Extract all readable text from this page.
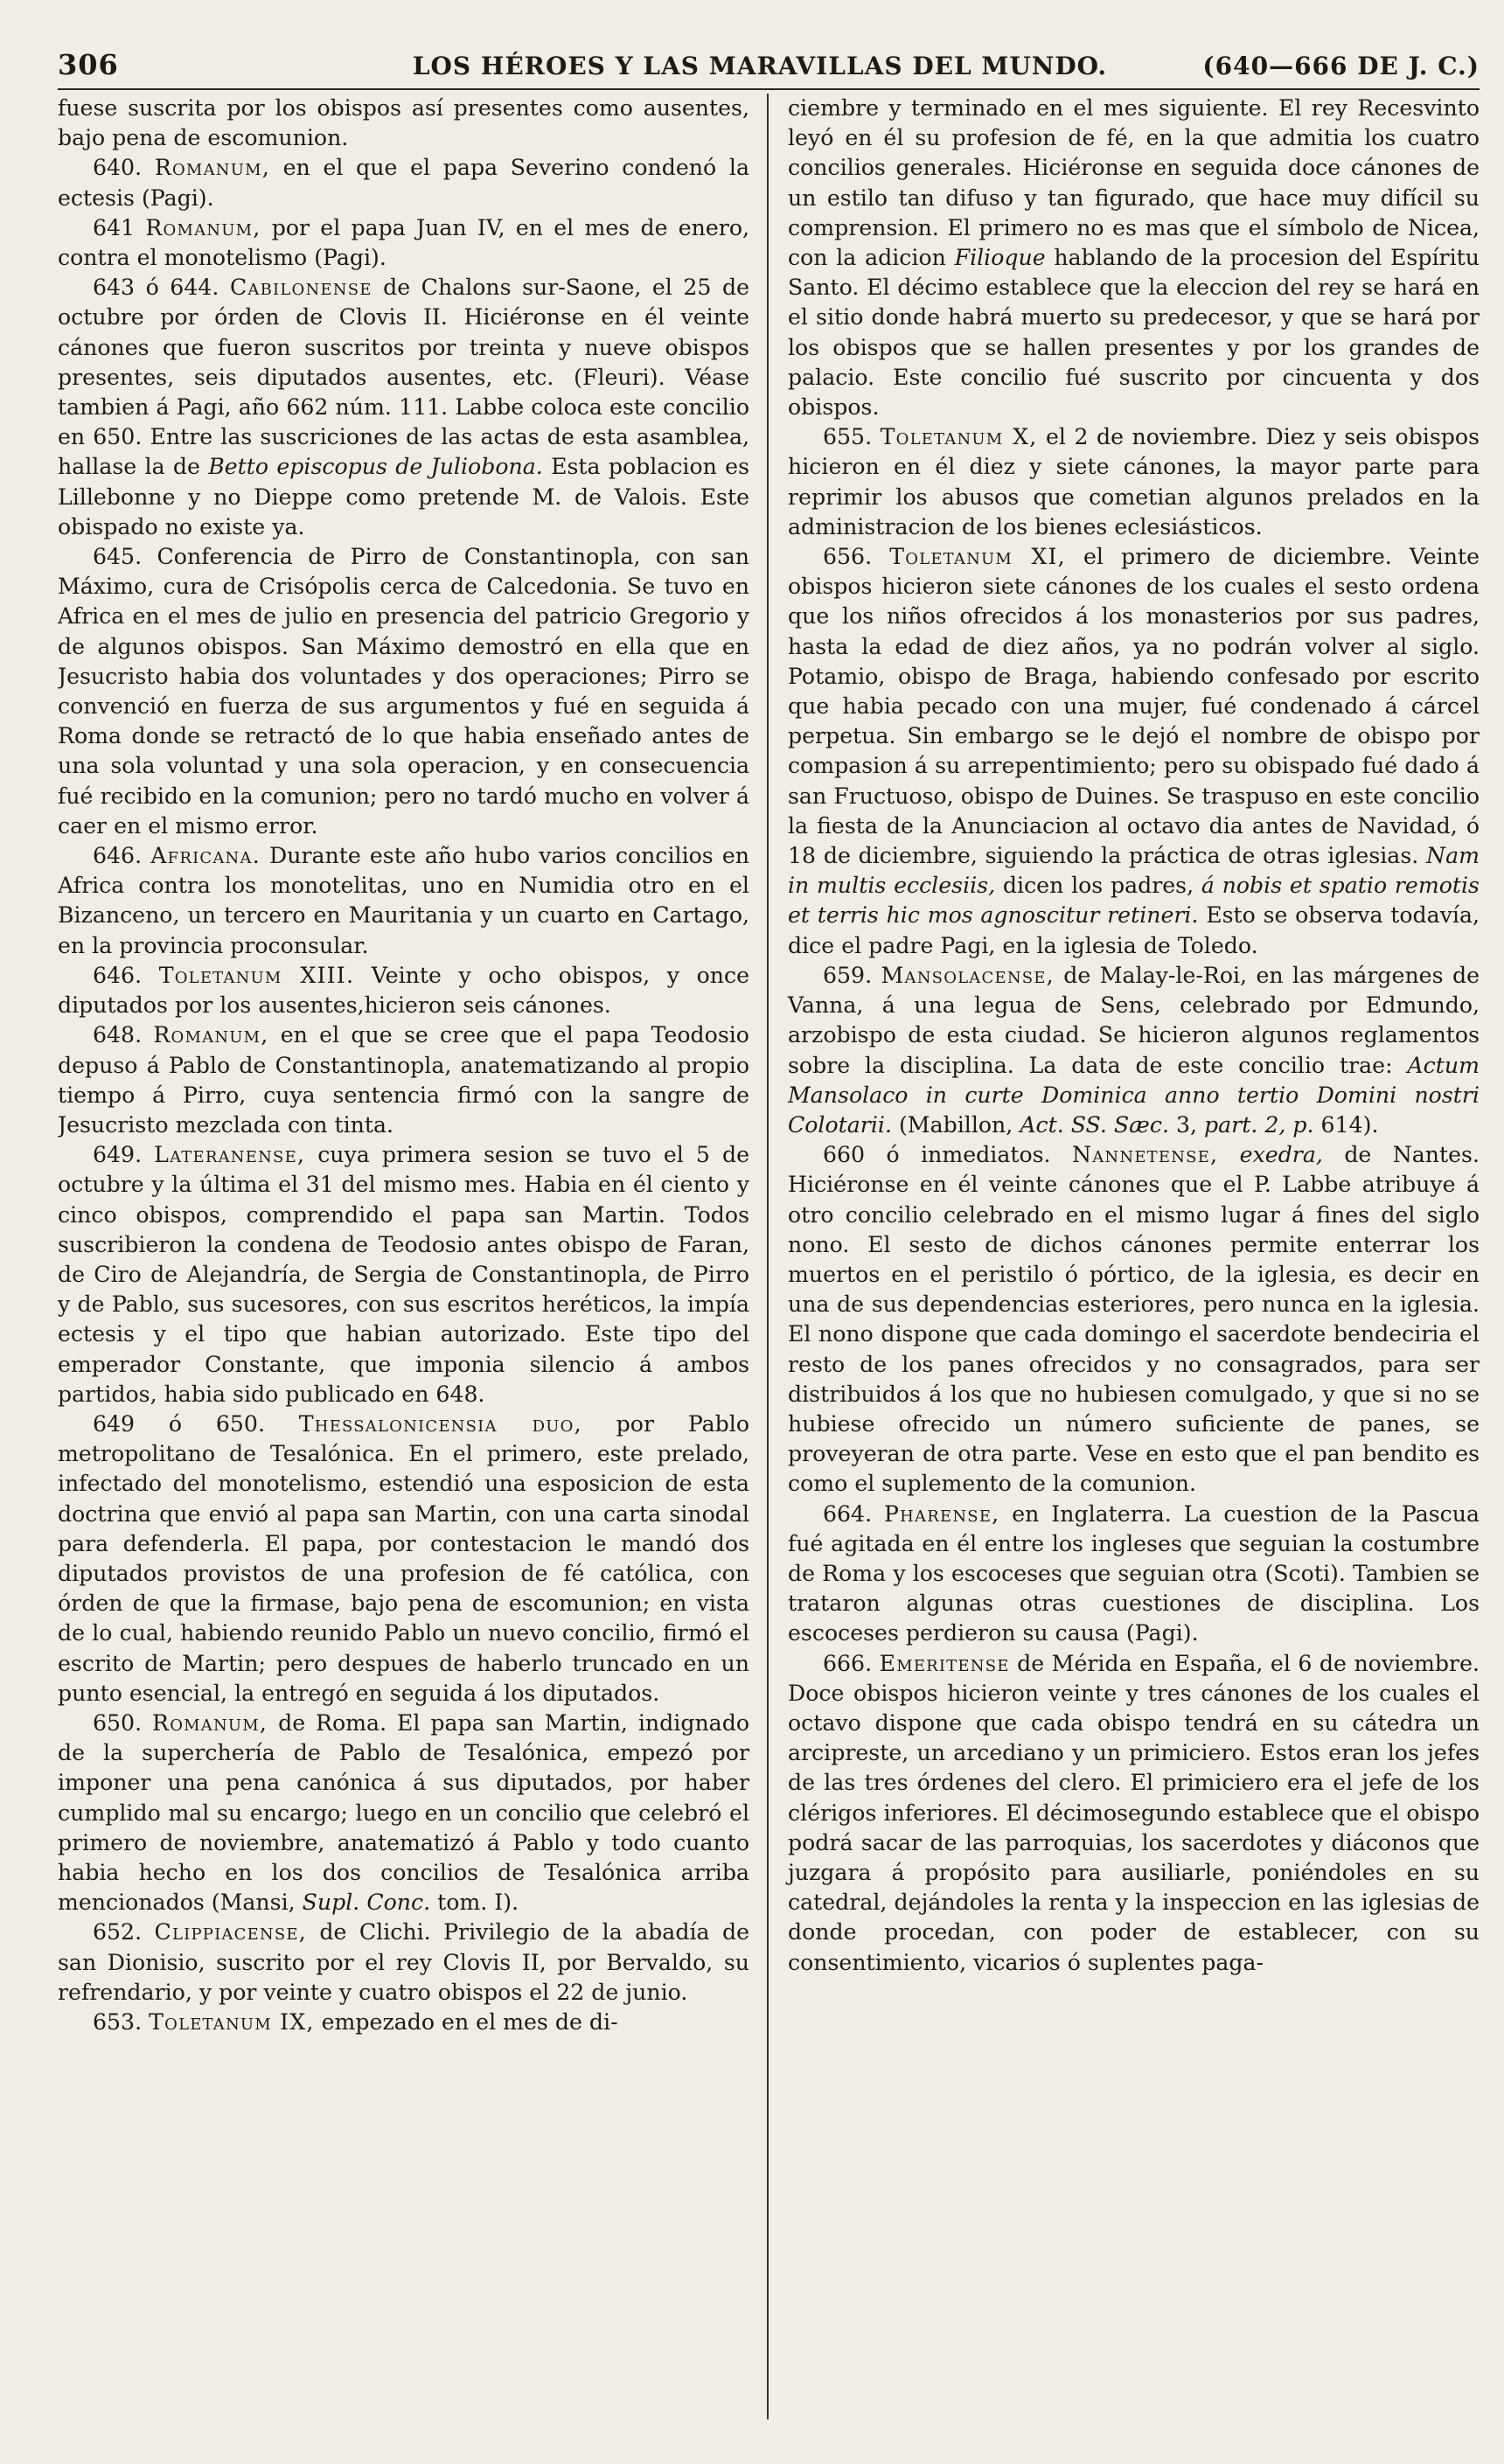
306	LOS HÉROES Y LAS MARAVILLAS DEL MUNDO.	(640—666 DE J. C.)

fuese suscrita por los obispos así presentes como ausentes, bajo pena de escomunion.

640. Romanum, en el que el papa Severino condenó la ectesis (Pagi).

641 Romanum, por el papa Juan IV, en el mes de enero, contra el monotelismo (Pagi).

643 ó 644. Cabilonense de Chalons sur-Saone, el 25 de octubre por órden de Clovis II. Hiciéronse en él veinte cánones que fueron suscritos por treinta y nueve obispos presentes, seis diputados ausentes, etc. (Fleuri). Véase tambien á Pagi, año 662 núm. 111. Labbe coloca este concilio en 650. Entre las suscriciones de las actas de esta asamblea, hallase la de Betto episcopus de Juliobona. Esta poblacion es Lillebonne y no Dieppe como pretende M. de Valois. Este obispado no existe ya.

645. Conferencia de Pirro de Constantinopla, con san Máximo, cura de Crisópolis cerca de Calcedonia. Se tuvo en Africa en el mes de julio en presencia del patricio Gregorio y de algunos obispos. San Máximo demostró en ella que en Jesucristo habia dos voluntades y dos operaciones; Pirro se convenció en fuerza de sus argumentos y fué en seguida á Roma donde se retractó de lo que habia enseñado antes de una sola voluntad y una sola operacion, y en consecuencia fué recibido en la comunion; pero no tardó mucho en volver á caer en el mismo error.

646. Africana. Durante este año hubo varios concilios en Africa contra los monotelitas, uno en Numidia otro en el Bizanceno, un tercero en Mauritania y un cuarto en Cartago, en la provincia proconsular.

646. Toletanum XIII. Veinte y ocho obispos, y once diputados por los ausentes,hicieron seis cánones.

648. Romanum, en el que se cree que el papa Teodosio depuso á Pablo de Constantinopla, anatematizando al propio tiempo á Pirro, cuya sentencia firmó con la sangre de Jesucristo mezclada con tinta.

649. Lateranense, cuya primera sesion se tuvo el 5 de octubre y la última el 31 del mismo mes. Habia en él ciento y cinco obispos, comprendido el papa san Martin. Todos suscribieron la condena de Teodosio antes obispo de Faran, de Ciro de Alejandría, de Sergia de Constantinopla, de Pirro y de Pablo, sus sucesores, con sus escritos heréticos, la impía ectesis y el tipo que habian autorizado. Este tipo del emperador Constante, que imponia silencio á ambos partidos, habia sido publicado en 648.

649 ó 650. Thessalonicensia duo, por Pablo metropolitano de Tesalónica. En el primero, este prelado, infectado del monotelismo, estendió una esposicion de esta doctrina que envió al papa san Martin, con una carta sinodal para defenderla. El papa, por contestacion le mandó dos diputados provistos de una profesion de fé católica, con órden de que la firmase, bajo pena de escomunion; en vista de lo cual, habiendo reunido Pablo un nuevo concilio, firmó el escrito de Martin; pero despues de haberlo truncado en un punto esencial, la entregó en seguida á los diputados.

650. Romanum, de Roma. El papa san Martin, indignado de la superchería de Pablo de Tesalónica, empezó por imponer una pena canónica á sus diputados, por haber cumplido mal su encargo; luego en un concilio que celebró el primero de noviembre, anatematizó á Pablo y todo cuanto habia hecho en los dos concilios de Tesalónica arriba mencionados (Mansi, Supl. Conc. tom. I).

652. Clippiacense, de Clichi. Privilegio de la abadía de san Dionisio, suscrito por el rey Clovis II, por Bervaldo, su refrendario, y por veinte y cuatro obispos el 22 de junio.

653. Toletanum IX, empezado en el mes de di-

ciembre y terminado en el mes siguiente. El rey Recesvinto leyó en él su profesion de fé, en la que admitia los cuatro concilios generales. Hiciéronse en seguida doce cánones de un estilo tan difuso y tan figurado, que hace muy difícil su comprension. El primero no es mas que el símbolo de Nicea, con la adicion Filioque hablando de la procesion del Espíritu Santo. El décimo establece que la eleccion del rey se hará en el sitio donde habrá muerto su predecesor, y que se hará por los obispos que se hallen presentes y por los grandes de palacio. Este concilio fué suscrito por cincuenta y dos obispos.

655. Toletanum X, el 2 de noviembre. Diez y seis obispos hicieron en él diez y siete cánones, la mayor parte para reprimir los abusos que cometian algunos prelados en la administracion de los bienes eclesiásticos.

656. Toletanum XI, el primero de diciembre. Veinte obispos hicieron siete cánones de los cuales el sesto ordena que los niños ofrecidos á los monasterios por sus padres, hasta la edad de diez años, ya no podrán volver al siglo. Potamio, obispo de Braga, habiendo confesado por escrito que habia pecado con una mujer, fué condenado á cárcel perpetua. Sin embargo se le dejó el nombre de obispo por compasion á su arrepentimiento; pero su obispado fué dado á san Fructuoso, obispo de Duines. Se traspuso en este concilio la fiesta de la Anunciacion al octavo dia antes de Navidad, ó 18 de diciembre, siguiendo la práctica de otras iglesias. Nam in multis ecclesiis, dicen los padres, á nobis et spatio remotis et terris hic mos agnoscitur retineri. Esto se observa todavía, dice el padre Pagi, en la iglesia de Toledo.

659. Mansolacense, de Malay-le-Roi, en las márgenes de Vanna, á una legua de Sens, celebrado por Edmundo, arzobispo de esta ciudad. Se hicieron algunos reglamentos sobre la disciplina. La data de este concilio trae: Actum Mansolaco in curte Dominica anno tertio Domini nostri Colotarii. (Mabillon, Act. SS. Sæc. 3, part. 2, p. 614).

660 ó inmediatos. Nannetense, exedra, de Nantes. Hiciéronse en él veinte cánones que el P. Labbe atribuye á otro concilio celebrado en el mismo lugar á fines del siglo nono. El sesto de dichos cánones permite enterrar los muertos en el peristilo ó pórtico, de la iglesia, es decir en una de sus dependencias esteriores, pero nunca en la iglesia. El nono dispone que cada domingo el sacerdote bendeciria el resto de los panes ofrecidos y no consagrados, para ser distribuidos á los que no hubiesen comulgado, y que si no se hubiese ofrecido un número suficiente de panes, se proveyeran de otra parte. Vese en esto que el pan bendito es como el suplemento de la comunion.

664. Pharense, en Inglaterra. La cuestion de la Pascua fué agitada en él entre los ingleses que seguian la costumbre de Roma y los escoceses que seguian otra (Scoti). Tambien se trataron algunas otras cuestiones de disciplina. Los escoceses perdieron su causa (Pagi).

666. Emeritense de Mérida en España, el 6 de noviembre. Doce obispos hicieron veinte y tres cánones de los cuales el octavo dispone que cada obispo tendrá en su cátedra un arcipreste, un arcediano y un primiciero. Estos eran los jefes de las tres órdenes del clero. El primiciero era el jefe de los clérigos inferiores. El décimosegundo establece que el obispo podrá sacar de las parroquias, los sacerdotes y diáconos que juzgara á propósito para ausiliarle, poniéndoles en su catedral, dejándoles la renta y la inspeccion en las iglesias de donde procedan, con poder de establecer, con su consentimiento, vicarios ó suplentes paga-
